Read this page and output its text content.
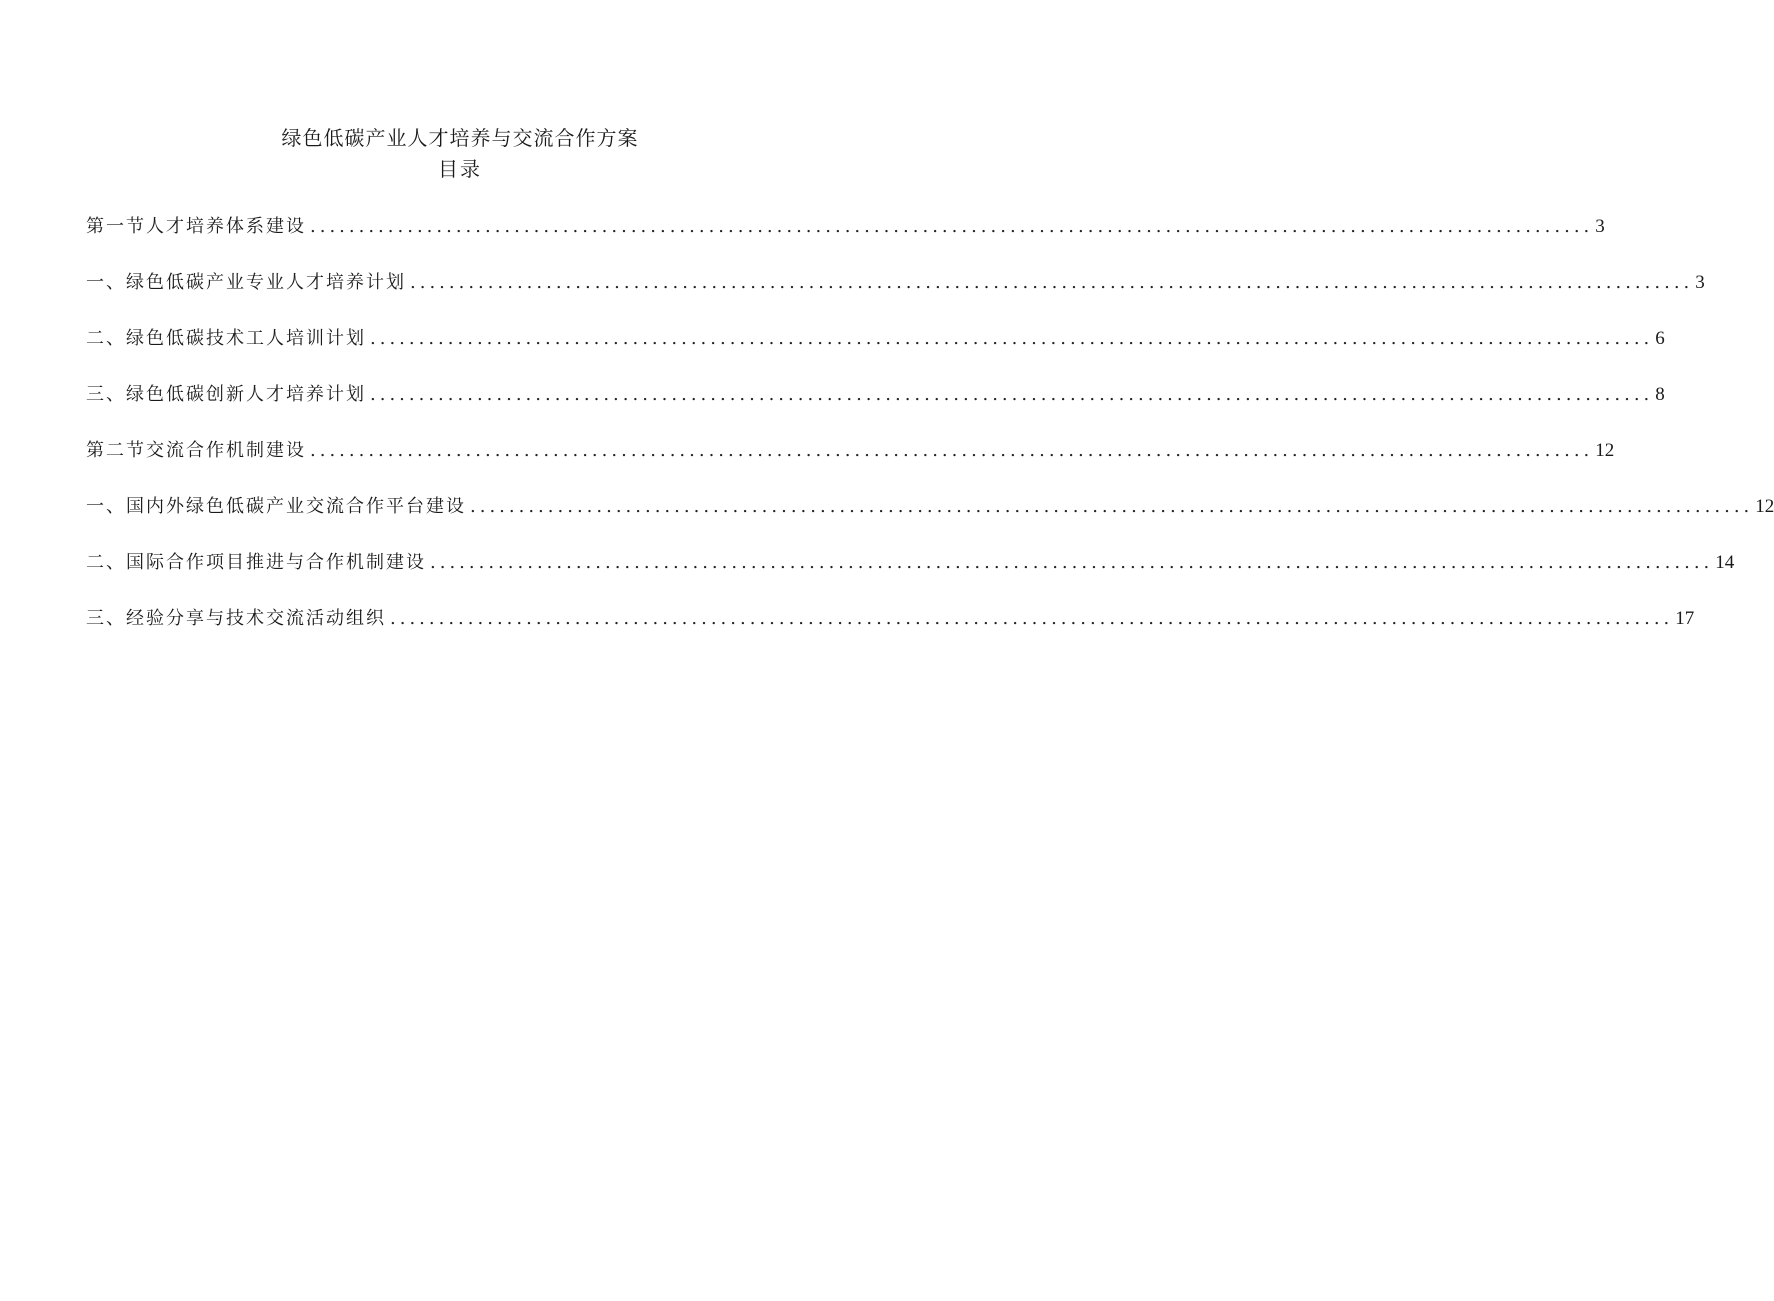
绿色低碳产业人才培养与交流合作方案
目录
第一节人才培养体系建设 .................................................................................................................................... 3
一、绿色低碳产业专业人才培养计划 .................................................................................................................................... 3
二、绿色低碳技术工人培训计划 .................................................................................................................................... 6
三、绿色低碳创新人才培养计划 .................................................................................................................................... 8
第二节交流合作机制建设 .................................................................................................................................... 12
一、国内外绿色低碳产业交流合作平台建设 .................................................................................................................................... 12
二、国际合作项目推进与合作机制建设 .................................................................................................................................... 14
三、经验分享与技术交流活动组织 .................................................................................................................................... 17
